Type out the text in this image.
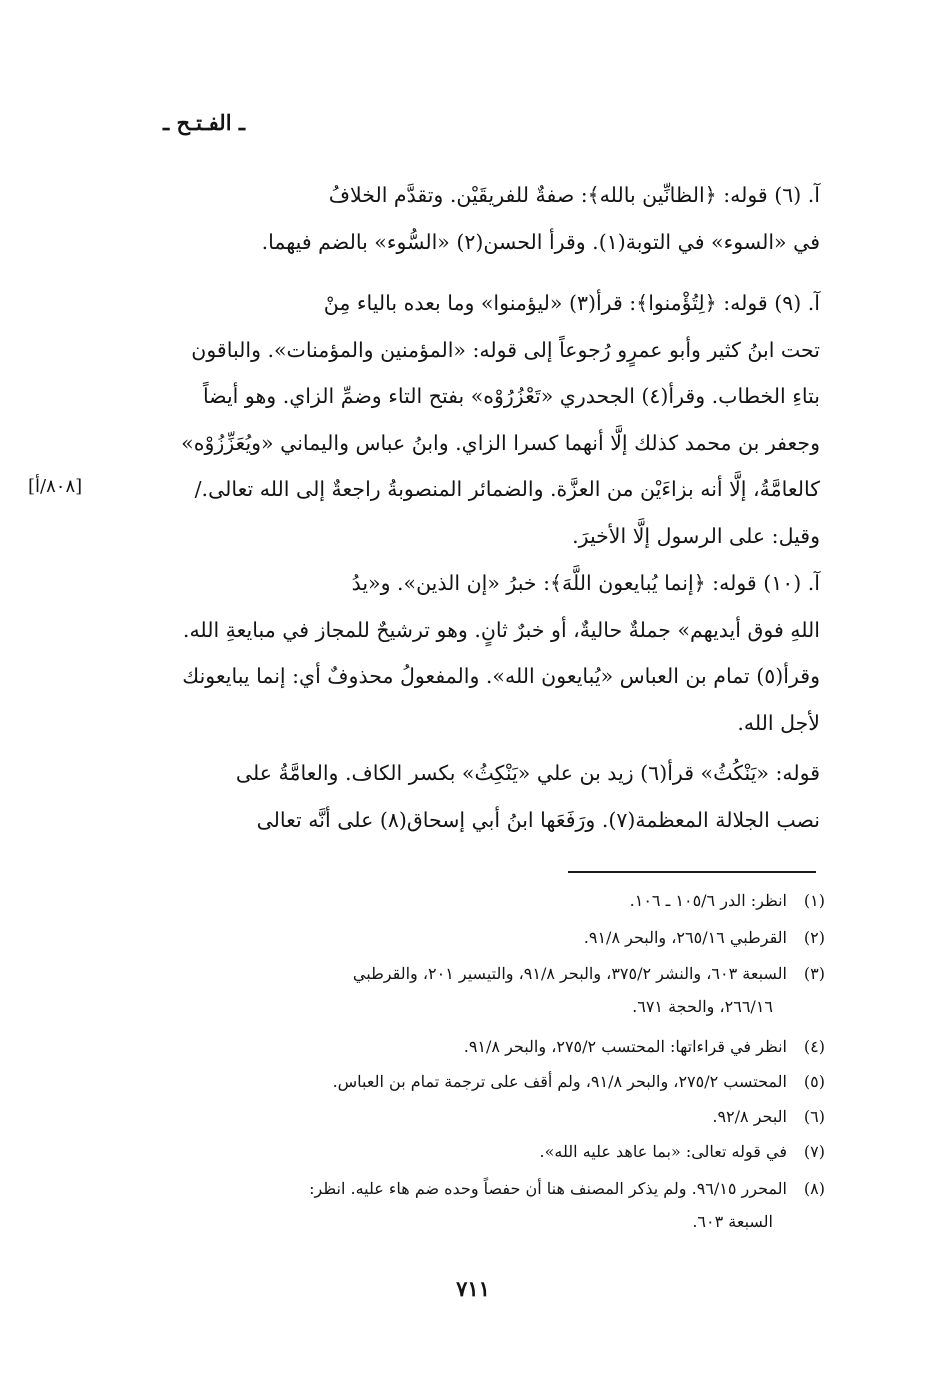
ـ الفـتـح ـ
آ. (٦) قوله: ﴿الظانِّين بالله﴾: صفةٌ للفريقَيْن. وتقدَّم الخلافُ
في «السوء» في التوبة(١). وقرأ الحسن(٢) «السُّوء» بالضم فيهما.
آ. (٩) قوله: ﴿لِتُؤْمنوا﴾: قرأ(٣) «ليؤمنوا» وما بعده بالياء مِنْ
تحت ابنُ كثير وأبو عمرٍو رُجوعاً إلى قوله: «المؤمنين والمؤمنات». والباقون
بتاءِ الخطاب. وقرأ(٤) الجحدري «تَعْزُرُوْه» بفتح التاء وضمِّ الزاي. وهو أيضاً
وجعفر بن محمد كذلك إلَّا أنهما كسرا الزاي. وابنُ عباس واليماني «ويُعَزِّزُوْه»
كالعامَّةُ، إلَّا أنه بزاءَيْن من العزَّة. والضمائر المنصوبةُ راجعةٌ إلى الله تعالى./
وقيل: على الرسول إلَّا الأخيرَ.
[٨٠٨/أ]
آ. (١٠) قوله: ﴿إنما يُبايعون اللَّهَ﴾: خبرُ «إن الذين». و«يدُ
اللهِ فوق أيديهم» جملةٌ حاليةٌ، أو خبرٌ ثانٍ. وهو ترشيحٌ للمجاز في مبايعةِ الله.
وقرأ(٥) تمام بن العباس «يُبايعون الله». والمفعولُ محذوفٌ أي: إنما يبايعونك
لأجل الله.
قوله: «يَنْكُثُ» قرأ(٦) زيد بن علي «يَنْكِثُ» بكسر الكاف. والعامَّةُ على
نصب الجلالة المعظمة(٧). ورَفَعَها ابنُ أبي إسحاق(٨) على أنَّه تعالى
(١)انظر: الدر ١٠٥/٦ ـ ١٠٦.
(٢)القرطبي ٢٦٥/١٦، والبحر ٩١/٨.
(٣)السبعة ٦٠٣، والنشر ٣٧٥/٢، والبحر ٩١/٨، والتيسير ٢٠١، والقرطبي
٢٦٦/١٦، والحجة ٦٧١.
(٤)انظر في قراءاتها: المحتسب ٢٧٥/٢، والبحر ٩١/٨.
(٥)المحتسب ٢٧٥/٢، والبحر ٩١/٨، ولم أقف على ترجمة تمام بن العباس.
(٦)البحر ٩٢/٨.
(٧)في قوله تعالى: «بما عاهد عليه الله».
(٨)المحرر ٩٦/١٥. ولم يذكر المصنف هنا أن حفصاً وحده ضم هاء عليه. انظر:
السبعة ٦٠٣.
٧١١
